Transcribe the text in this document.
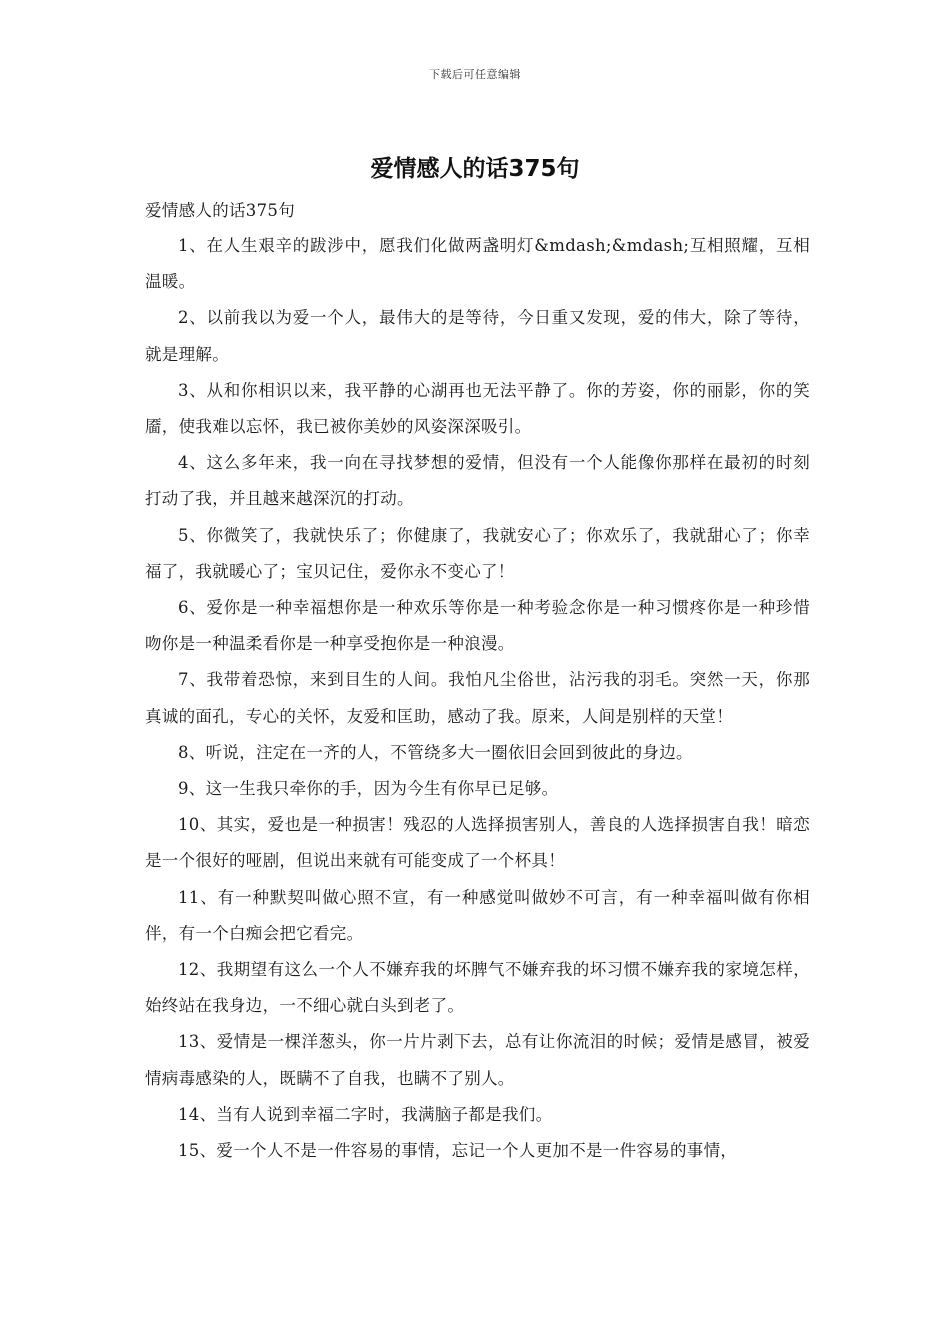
下载后可任意编辑
爱情感人的话375句

爱情感人的话375句

1、在人生艰辛的跋涉中，愿我们化做两盏明灯&mdash;&mdash;互相照耀，互相温暖。

2、以前我以为爱一个人，最伟大的是等待，今日重又发现，爱的伟大，除了等待，就是理解。

3、从和你相识以来，我平静的心湖再也无法平静了。你的芳姿，你的丽影，你的笑靥，使我难以忘怀，我已被你美妙的风姿深深吸引。

4、这么多年来，我一向在寻找梦想的爱情，但没有一个人能像你那样在最初的时刻打动了我，并且越来越深沉的打动。

5、你微笑了，我就快乐了；你健康了，我就安心了；你欢乐了，我就甜心了；你幸福了，我就暖心了；宝贝记住，爱你永不变心了！

6、爱你是一种幸福想你是一种欢乐等你是一种考验念你是一种习惯疼你是一种珍惜吻你是一种温柔看你是一种享受抱你是一种浪漫。

7、我带着恐惊，来到目生的人间。我怕凡尘俗世，沾污我的羽毛。突然一天，你那真诚的面孔，专心的关怀，友爱和匡助，感动了我。原来，人间是别样的天堂！

8、听说，注定在一齐的人，不管绕多大一圈依旧会回到彼此的身边。

9、这一生我只牵你的手，因为今生有你早已足够。

10、其实，爱也是一种损害！残忍的人选择损害别人，善良的人选择损害自我！暗恋是一个很好的哑剧，但说出来就有可能变成了一个杯具！

11、有一种默契叫做心照不宣，有一种感觉叫做妙不可言，有一种幸福叫做有你相伴，有一个白痴会把它看完。

12、我期望有这么一个人不嫌弃我的坏脾气不嫌弃我的坏习惯不嫌弃我的家境怎样，始终站在我身边，一不细心就白头到老了。

13、爱情是一棵洋葱头，你一片片剥下去，总有让你流泪的时候；爱情是感冒，被爱情病毒感染的人，既瞒不了自我，也瞒不了别人。

14、当有人说到幸福二字时，我满脑子都是我们。

15、爱一个人不是一件容易的事情，忘记一个人更加不是一件容易的事情，
